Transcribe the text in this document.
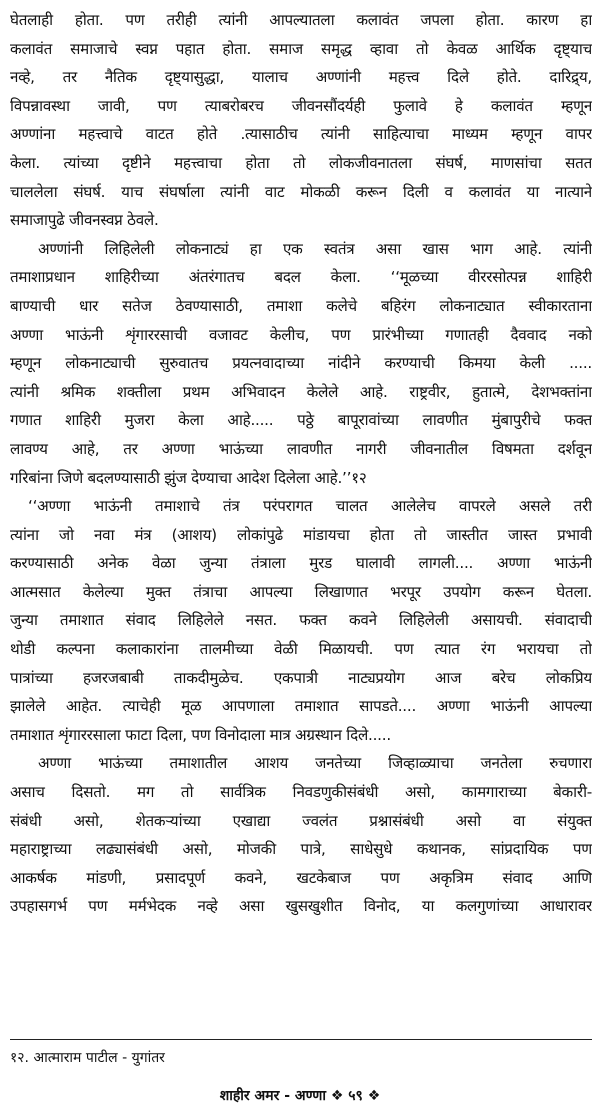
घेतलाही होता. पण तरीही त्यांनी आपल्यातला कलावंत जपला होता. कारण हा
कलावंत समाजाचे स्वप्न पहात होता. समाज समृद्ध व्हावा तो केवळ आर्थिक दृष्ट्याच
नव्हे, तर नैतिक दृष्ट्यासुद्धा, यालाच अण्णांनी महत्त्व दिले होते. दारिद्र्य,
विपन्नावस्था जावी, पण त्याबरोबरच जीवनसौंदर्यही फुलावे हे कलावंत म्हणून
अण्णांना महत्त्वाचे वाटत होते .त्यासाठीच त्यांनी साहित्याचा माध्यम म्हणून वापर
केला. त्यांच्या दृष्टीने महत्त्वाचा होता तो लोकजीवनातला संघर्ष, माणसांचा सतत
चाललेला संघर्ष. याच संघर्षाला त्यांनी वाट मोकळी करून दिली व कलावंत या नात्याने
समाजापुढे जीवनस्वप्न ठेवले.
अण्णांनी लिहिलेली लोकनाट्यं हा एक स्वतंत्र असा खास भाग आहे. त्यांनी
तमाशाप्रधान शाहिरीच्या अंतरंगातच बदल केला. ‘‘मूळच्या वीररसोत्पन्न शाहिरी
बाण्याची धार सतेज ठेवण्यासाठी, तमाशा कलेचे बहिरंग लोकनाट्यात स्वीकारताना
अण्णा भाऊंनी शृंगाररसाची वजावट केलीच, पण प्रारंभीच्या गणातही दैववाद नको
म्हणून लोकनाट्याची सुरुवातच प्रयत्नवादाच्या नांदीने करण्याची किमया केली .....
त्यांनी श्रमिक शक्तीला प्रथम अभिवादन केलेले आहे. राष्ट्रवीर, हुतात्मे, देशभक्तांना
गणात शाहिरी मुजरा केला आहे..... पठ्ठे बापूरावांच्या लावणीत मुंबापुरीचे फक्त
लावण्य आहे, तर अण्णा भाऊंच्या लावणीत नागरी जीवनातील विषमता दर्शवून
गरिबांना जिणे बदलण्यासाठी झुंज देण्याचा आदेश दिलेला आहे.’’१२
‘‘अण्णा भाऊंनी तमाशाचे तंत्र परंपरागत चालत आलेलेच वापरले असले तरी
त्यांना जो नवा मंत्र (आशय) लोकांपुढे मांडायचा होता तो जास्तीत जास्त प्रभावी
करण्यासाठी अनेक वेळा जुन्या तंत्राला मुरड घालावी लागली.... अण्णा भाऊंनी
आत्मसात केलेल्या मुक्त तंत्राचा आपल्या लिखाणात भरपूर उपयोग करून घेतला.
जुन्या तमाशात संवाद लिहिलेले नसत. फक्त कवने लिहिलेली असायची. संवादाची
थोडी कल्पना कलाकारांना तालमीच्या वेळी मिळायची. पण त्यात रंग भरायचा तो
पात्रांच्या हजरजबाबी ताकदीमुळेच. एकपात्री नाट्यप्रयोग आज बरेच लोकप्रिय
झालेले आहेत. त्याचेही मूळ आपणाला तमाशात सापडते.... अण्णा भाऊंनी आपल्या
तमाशात शृंगाररसाला फाटा दिला, पण विनोदाला मात्र अग्रस्थान दिले.....
अण्णा भाऊंच्या तमाशातील आशय जनतेच्या जिव्हाळ्याचा जनतेला रुचणारा
असाच दिसतो. मग तो सार्वत्रिक निवडणुकीसंबंधी असो, कामगाराच्या बेकारी-
संबंधी असो, शेतकऱ्यांच्या एखाद्या ज्वलंत प्रश्नासंबंधी असो वा संयुक्त
महाराष्ट्राच्या लढ्यासंबंधी असो, मोजकी पात्रे, साधेसुधे कथानक, सांप्रदायिक पण
आकर्षक मांडणी, प्रसादपूर्ण कवने, खटकेबाज पण अकृत्रिम संवाद आणि
उपहासगर्भ पण मर्मभेदक नव्हे असा खुसखुशीत विनोद, या कलगुणांच्या आधारावर
१२. आत्माराम पाटील - युगांतर
शाहीर अमर - अण्णा ❖ ५९ ❖
